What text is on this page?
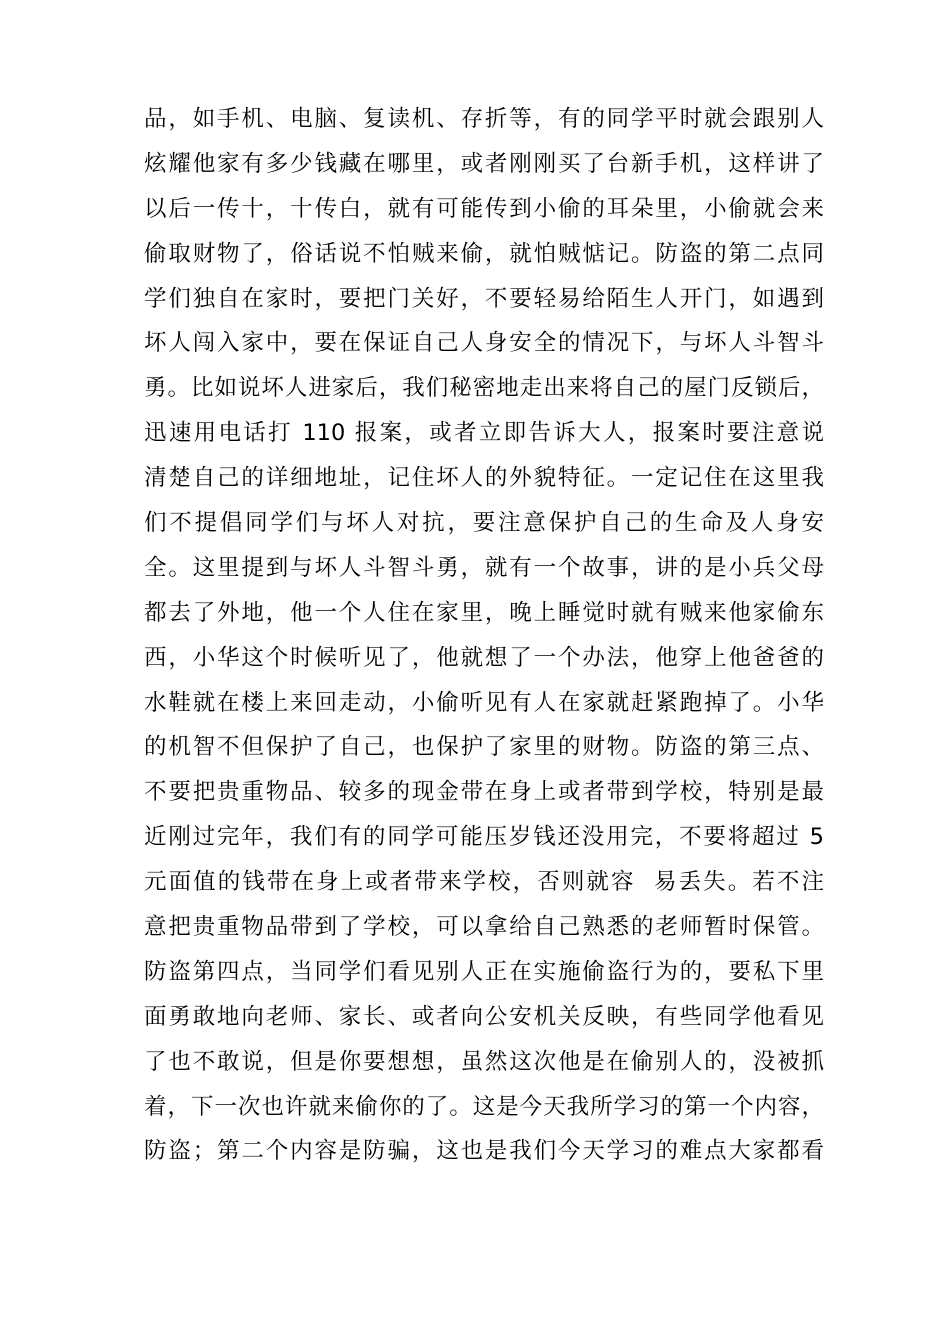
品，如手机、电脑、复读机、存折等，有的同学平时就会跟别人
炫耀他家有多少钱藏在哪里，或者刚刚买了台新手机，这样讲了
以后一传十，十传白，就有可能传到小偷的耳朵里，小偷就会来
偷取财物了，俗话说不怕贼来偷，就怕贼惦记。防盗的第二点同
学们独自在家时，要把门关好，不要轻易给陌生人开门，如遇到
坏人闯入家中，要在保证自己人身安全的情况下，与坏人斗智斗
勇。比如说坏人进家后，我们秘密地走出来将自己的屋门反锁后，
迅速用电话打 110 报案，或者立即告诉大人，报案时要注意说
清楚自己的详细地址，记住坏人的外貌特征。一定记住在这里我
们不提倡同学们与坏人对抗，要注意保护自己的生命及人身安
全。这里提到与坏人斗智斗勇，就有一个故事，讲的是小兵父母
都去了外地，他一个人住在家里，晚上睡觉时就有贼来他家偷东
西，小华这个时候听见了，他就想了一个办法，他穿上他爸爸的
水鞋就在楼上来回走动，小偷听见有人在家就赶紧跑掉了。小华
的机智不但保护了自己，也保护了家里的财物。防盗的第三点、
不要把贵重物品、较多的现金带在身上或者带到学校，特别是最
近刚过完年，我们有的同学可能压岁钱还没用完，不要将超过 5
元面值的钱带在身上或者带来学校，否则就容  易丢失。若不注
意把贵重物品带到了学校，可以拿给自己熟悉的老师暂时保管。
防盗第四点，当同学们看见别人正在实施偷盗行为的，要私下里
面勇敢地向老师、家长、或者向公安机关反映，有些同学他看见
了也不敢说，但是你要想想，虽然这次他是在偷别人的，没被抓
着，下一次也许就来偷你的了。这是今天我所学习的第一个内容，
防盗；第二个内容是防骗，这也是我们今天学习的难点大家都看
